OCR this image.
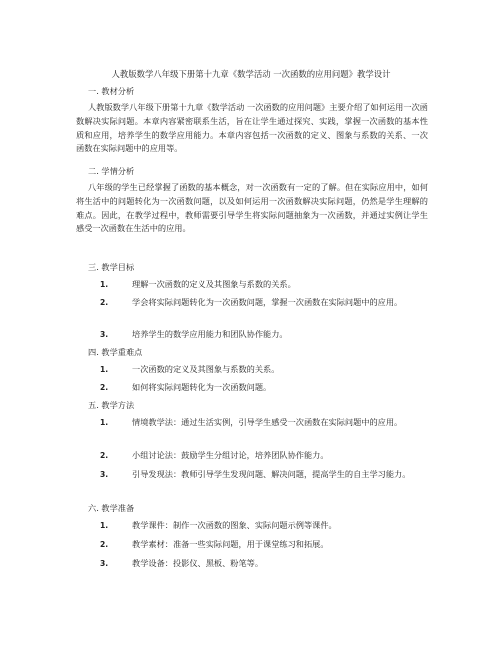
人教版数学八年级下册第十九章《数学活动 一次函数的应用问题》教学设计
一. 教材分析
人教版数学八年级下册第十九章《数学活动 一次函数的应用问题》主要介绍了如何运用一次函数解决实际问题。本章内容紧密联系生活，旨在让学生通过探究、实践，掌握一次函数的基本性质和应用，培养学生的数学应用能力。本章内容包括一次函数的定义、图象与系数的关系、一次函数在实际问题中的应用等。
二. 学情分析
八年级的学生已经掌握了函数的基本概念，对一次函数有一定的了解。但在实际应用中，如何将生活中的问题转化为一次函数问题，以及如何运用一次函数解决实际问题，仍然是学生理解的难点。因此，在教学过程中，教师需要引导学生将实际问题抽象为一次函数，并通过实例让学生感受一次函数在生活中的应用。
三. 教学目标
1.	理解一次函数的定义及其图象与系数的关系。
2.	学会将实际问题转化为一次函数问题，掌握一次函数在实际问题中的应用。
3.	培养学生的数学应用能力和团队协作能力。
四. 教学重难点
1.	一次函数的定义及其图象与系数的关系。
2.	如何将实际问题转化为一次函数问题。
五. 教学方法
1.	情境教学法：通过生活实例，引导学生感受一次函数在实际问题中的应用。
2.	小组讨论法：鼓励学生分组讨论，培养团队协作能力。
3.	引导发现法：教师引导学生发现问题、解决问题，提高学生的自主学习能力。
六. 教学准备
1.	教学课件：制作一次函数的图象、实际问题示例等课件。
2.	教学素材：准备一些实际问题，用于课堂练习和拓展。
3.	教学设备：投影仪、黑板、粉笔等。
